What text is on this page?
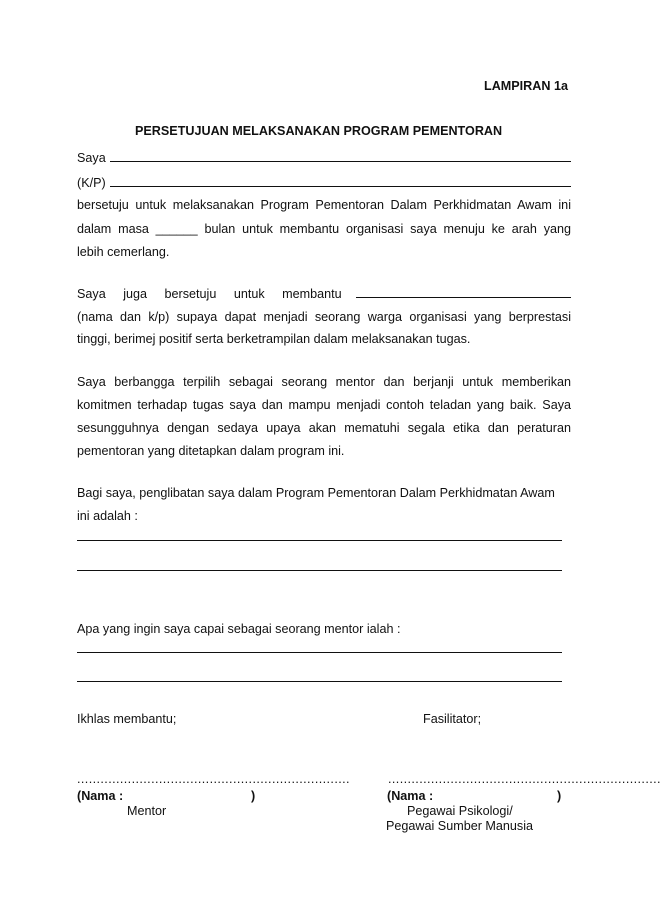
LAMPIRAN 1a

PERSETUJUAN MELAKSANAKAN PROGRAM PEMENTORAN

Saya
(K/P)

bersetuju untuk melaksanakan Program Pementoran Dalam Perkhidmatan Awam ini

dalam masa ______ bulan untuk membantu organisasi saya menuju ke arah yang

lebih cemerlang.

Saya juga bersetuju untuk membantu

(nama dan k/p) supaya dapat menjadi seorang warga organisasi yang berprestasi

tinggi, berimej positif serta berketrampilan dalam melaksanakan tugas.

Saya berbangga terpilih sebagai seorang mentor dan berjanji untuk memberikan

komitmen terhadap tugas saya dan mampu menjadi contoh teladan yang baik. Saya

sesungguhnya dengan sedaya upaya akan mematuhi segala etika dan peraturan

pementoran yang ditetapkan dalam program ini.

Bagi saya, penglibatan saya dalam Program Pementoran Dalam Perkhidmatan Awam

ini adalah :

Apa yang ingin saya capai sebagai seorang mentor ialah :

Ikhlas membantu;	Fasilitator;

......................................................................	......................................................................

(Nama :	)	(Nama :	)

Mentor	Pegawai Psikologi/

Pegawai Sumber Manusia
